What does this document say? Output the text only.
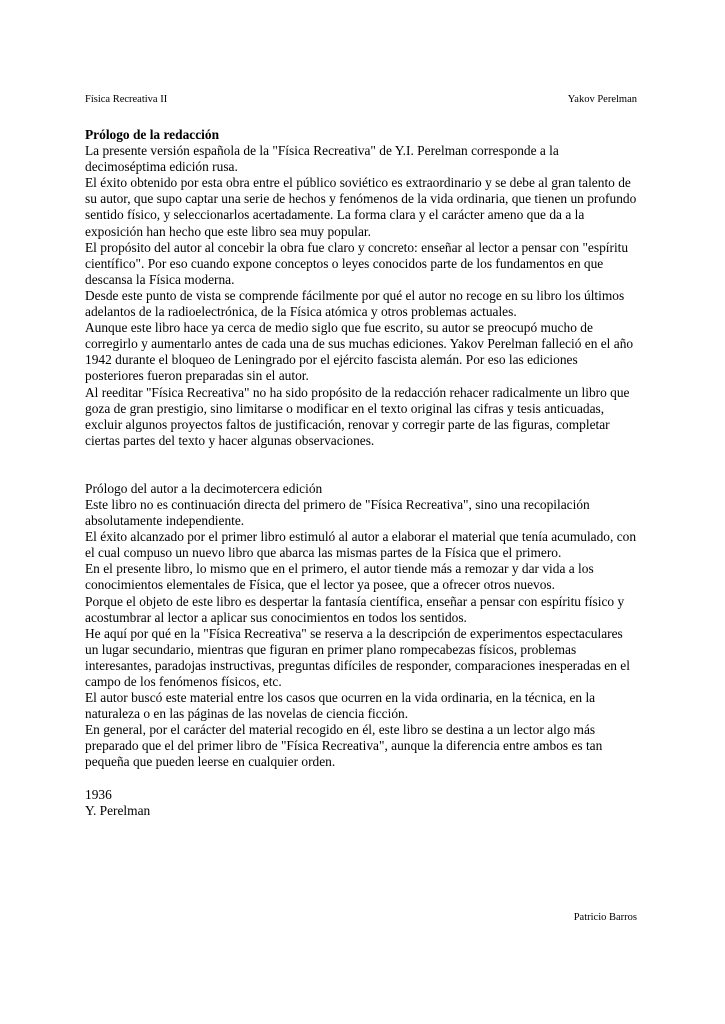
Física Recreativa II	Yakov Perelman

Prólogo de la redacción

La presente versión española de la "Física Recreativa" de Y.I. Perelman corresponde a la decimoséptima edición rusa.

El éxito obtenido por esta obra entre el público soviético es extraordinario y se debe al gran talento de su autor, que supo captar una serie de hechos y fenómenos de la vida ordinaria, que tienen un profundo sentido físico, y seleccionarlos acertadamente. La forma clara y el carácter ameno que da a la exposición han hecho que este libro sea muy popular.

El propósito del autor al concebir la obra fue claro y concreto: enseñar al lector a pensar con "espíritu científico". Por eso cuando expone conceptos o leyes conocidos parte de los fundamentos en que descansa la Física moderna.

Desde este punto de vista se comprende fácilmente por qué el autor no recoge en su libro los últimos adelantos de la radioelectrónica, de la Física atómica y otros problemas actuales.

Aunque este libro hace ya cerca de medio siglo que fue escrito, su autor se preocupó mucho de corregirlo y aumentarlo antes de cada una de sus muchas ediciones. Yakov Perelman falleció en el año 1942 durante el bloqueo de Leningrado por el ejército fascista alemán. Por eso las ediciones posteriores fueron preparadas sin el autor.

Al reeditar "Física Recreativa" no ha sido propósito de la redacción rehacer radicalmente un libro que goza de gran prestigio, sino limitarse o modificar en el texto original las cifras y tesis anticuadas, excluir algunos proyectos faltos de justificación, renovar y corregir parte de las figuras, completar ciertas partes del texto y hacer algunas observaciones.

Prólogo del autor a la decimotercera edición

Este libro no es continuación directa del primero de "Física Recreativa", sino una recopilación absolutamente independiente.

El éxito alcanzado por el primer libro estimuló al autor a elaborar el material que tenía acumulado, con el cual compuso un nuevo libro que abarca las mismas partes de la Física que el primero.

En el presente libro, lo mismo que en el primero, el autor tiende más a remozar y dar vida a los conocimientos elementales de Física, que el lector ya posee, que a ofrecer otros nuevos.

Porque el objeto de este libro es despertar la fantasía científica, enseñar a pensar con espíritu físico y acostumbrar al lector a aplicar sus conocimientos en todos los sentidos.

He aquí por qué en la "Física Recreativa" se reserva a la descripción de experimentos espectaculares un lugar secundario, mientras que figuran en primer plano rompecabezas físicos, problemas interesantes, paradojas instructivas, preguntas difíciles de responder, comparaciones inesperadas en el campo de los fenómenos físicos, etc.

El autor buscó este material entre los casos que ocurren en la vida ordinaria, en la técnica, en la naturaleza o en las páginas de las novelas de ciencia ficción.

En general, por el carácter del material recogido en él, este libro se destina a un lector algo más preparado que el del primer libro de "Física Recreativa", aunque la diferencia entre ambos es tan pequeña que pueden leerse en cualquier orden.

1936

Y. Perelman

Patricio Barros
